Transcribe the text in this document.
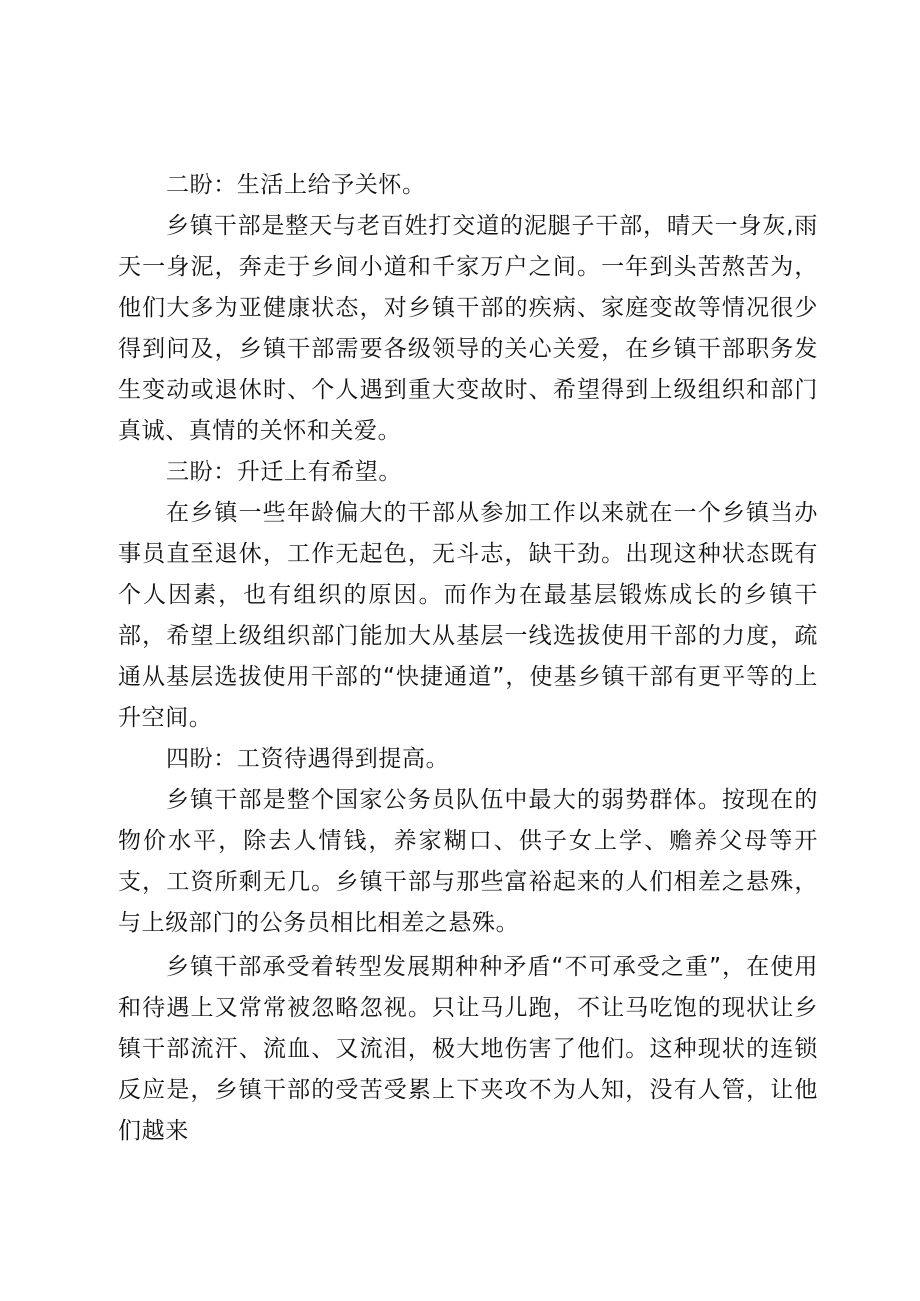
二盼：生活上给予关怀。

乡镇干部是整天与老百姓打交道的泥腿子干部，晴天一身灰,雨天一身泥，奔走于乡间小道和千家万户之间。一年到头苦熬苦为，他们大多为亚健康状态，对乡镇干部的疾病、家庭变故等情况很少得到问及，乡镇干部需要各级领导的关心关爱，在乡镇干部职务发生变动或退休时、个人遇到重大变故时、希望得到上级组织和部门真诚、真情的关怀和关爱。

三盼：升迁上有希望。

在乡镇一些年龄偏大的干部从参加工作以来就在一个乡镇当办事员直至退休，工作无起色，无斗志，缺干劲。出现这种状态既有个人因素，也有组织的原因。而作为在最基层锻炼成长的乡镇干部，希望上级组织部门能加大从基层一线选拔使用干部的力度，疏通从基层选拔使用干部的“快捷通道”，使基乡镇干部有更平等的上升空间。

四盼：工资待遇得到提高。

乡镇干部是整个国家公务员队伍中最大的弱势群体。按现在的物价水平，除去人情钱，养家糊口、供子女上学、赡养父母等开支，工资所剩无几。乡镇干部与那些富裕起来的人们相差之悬殊，与上级部门的公务员相比相差之悬殊。

乡镇干部承受着转型发展期种种矛盾“不可承受之重”，在使用和待遇上又常常被忽略忽视。只让马儿跑，不让马吃饱的现状让乡镇干部流汗、流血、又流泪，极大地伤害了他们。这种现状的连锁反应是，乡镇干部的受苦受累上下夹攻不为人知，没有人管，让他们越来
